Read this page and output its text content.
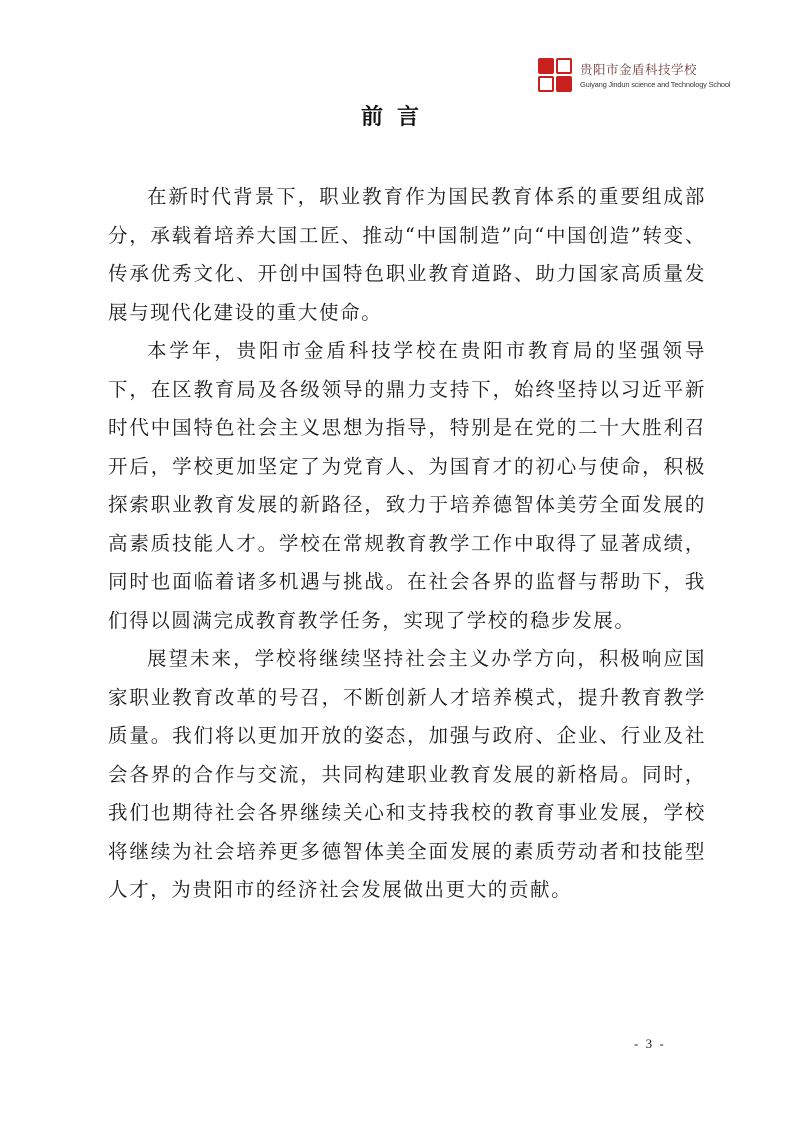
贵阳市金盾科技学校
Guiyang Jindun science and Technology School
前言

在新时代背景下，职业教育作为国民教育体系的重要组成部分，承载着培养大国工匠、推动“中国制造”向“中国创造”转变、传承优秀文化、开创中国特色职业教育道路、助力国家高质量发展与现代化建设的重大使命。

本学年，贵阳市金盾科技学校在贵阳市教育局的坚强领导下，在区教育局及各级领导的鼎力支持下，始终坚持以习近平新时代中国特色社会主义思想为指导，特别是在党的二十大胜利召开后，学校更加坚定了为党育人、为国育才的初心与使命，积极探索职业教育发展的新路径，致力于培养德智体美劳全面发展的高素质技能人才。学校在常规教育教学工作中取得了显著成绩，同时也面临着诸多机遇与挑战。在社会各界的监督与帮助下，我们得以圆满完成教育教学任务，实现了学校的稳步发展。

展望未来，学校将继续坚持社会主义办学方向，积极响应国家职业教育改革的号召，不断创新人才培养模式，提升教育教学质量。我们将以更加开放的姿态，加强与政府、企业、行业及社会各界的合作与交流，共同构建职业教育发展的新格局。同时，我们也期待社会各界继续关心和支持我校的教育事业发展，学校将继续为社会培养更多德智体美全面发展的素质劳动者和技能型人才，为贵阳市的经济社会发展做出更大的贡献。

- 3 -
